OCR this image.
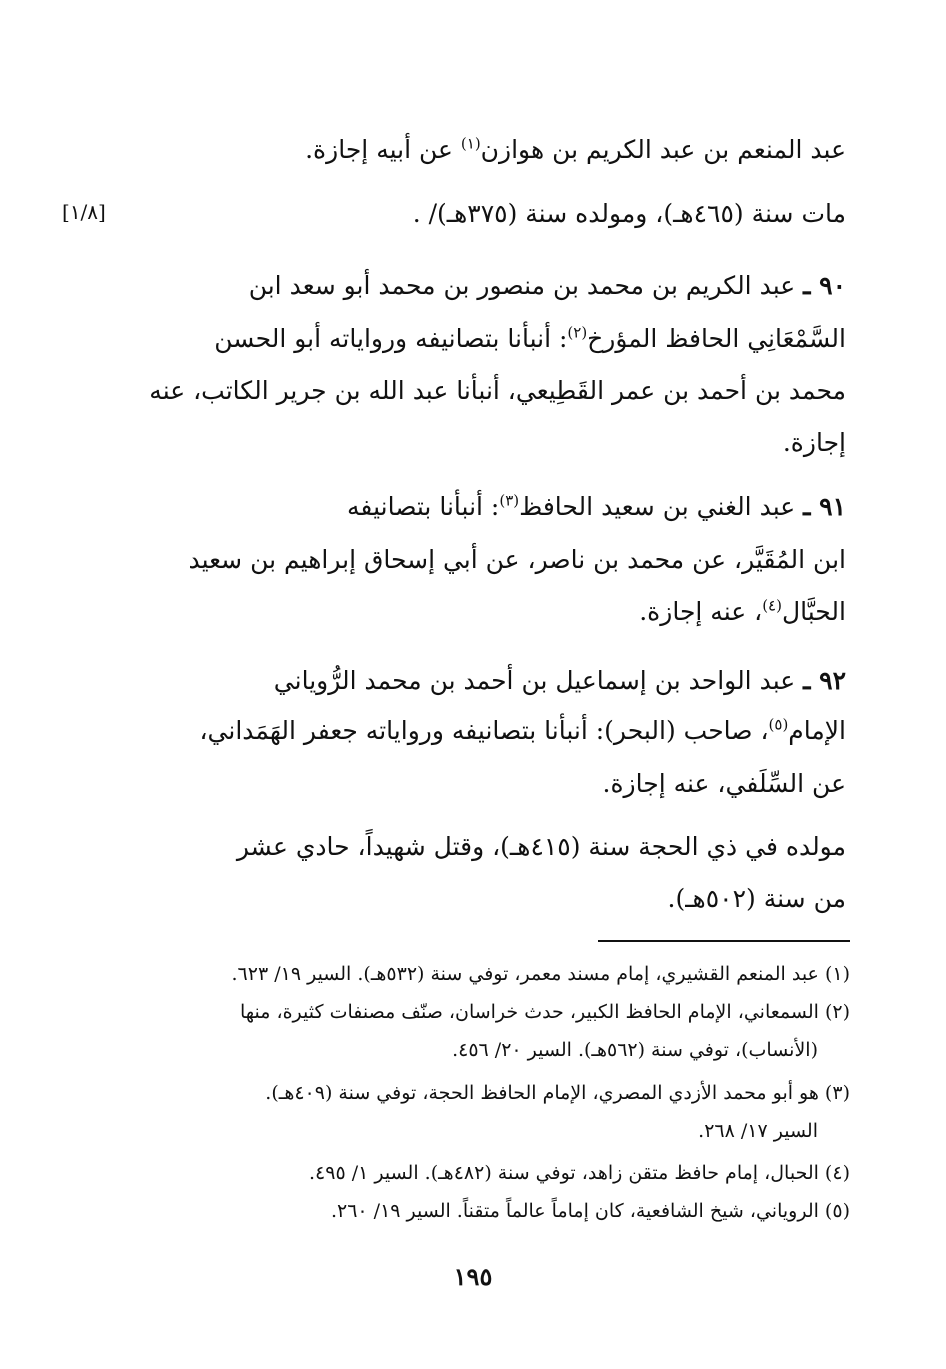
عبد المنعم بن عبد الكريم بن هوازن$^{(١)}$ عن أبيه إجازة.
مات سنة (٤٦٥هـ)، ومولده سنة (٣٧٥هـ)/ .
[١/٨]
٩٠ ـ عبد الكريم بن محمد بن منصور بن محمد أبو سعد ابن
السَّمْعَانِي الحافظ المؤرخ$^{(٢)}$: أنبأنا بتصانيفه ورواياته أبو الحسن
محمد بن أحمد بن عمر القَطِيعي، أنبأنا عبد الله بن جرير الكاتب، عنه
إجازة.
٩١ ـ عبد الغني بن سعيد الحافظ$^{(٣)}$: أنبأنا بتصانيفه
ابن المُقَيَّر، عن محمد بن ناصر، عن أبي إسحاق إبراهيم بن سعيد
الحبَّال$^{(٤)}$، عنه إجازة.
٩٢ ـ عبد الواحد بن إسماعيل بن أحمد بن محمد الرُّوياني
الإمام$^{(٥)}$، صاحب (البحر): أنبأنا بتصانيفه ورواياته جعفر الهَمَداني،
عن السِّلَفي، عنه إجازة.
مولده في ذي الحجة سنة (٤١٥هـ)، وقتل شهيداً، حادي عشر
من سنة (٥٠٢هـ).
(١) عبد المنعم القشيري، إمام مسند معمر، توفي سنة (٥٣٢هـ). السير ١٩/ ٦٢٣.
(٢) السمعاني، الإمام الحافظ الكبير، حدث خراسان، صنّف مصنفات كثيرة، منها
(الأنساب)، توفي سنة (٥٦٢هـ). السير ٢٠/ ٤٥٦.
(٣) هو أبو محمد الأزدي المصري، الإمام الحافظ الحجة، توفي سنة (٤٠٩هـ).
السير ١٧/ ٢٦٨.
(٤) الحبال، إمام حافظ متقن زاهد، توفي سنة (٤٨٢هـ). السير ١/ ٤٩٥.
(٥) الروياني، شيخ الشافعية، كان إماماً عالماً متقناً. السير ١٩/ ٢٦٠.
١٩٥
